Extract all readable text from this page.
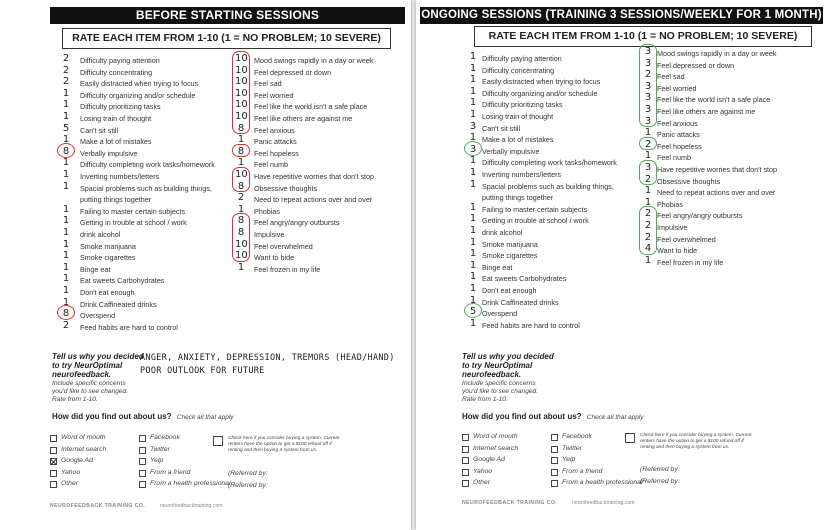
BEFORE STARTING SESSIONS
RATE EACH ITEM FROM 1-10 (1 = NO PROBLEM; 10 SEVERE)
Difficulty paying attention
2
Difficulty concentrating
2
Easily distracted when trying to focus
2
Difficulty organizing and/or schedule
1
Difficulty prioritizing tasks
1
Losing train of thought
1
Can't sit still
5
Make a lot of mistakes
1
Verbally impulsive
8
Difficulty completing work tasks/homework
1
Inverting numbers/letters
1
Spacial problems such as building things,
1
putting things together
Failing to master certain subjects
1
Getting in trouble at school / work
1
drink alcohol
1
Smoke marijuana
1
Smoke cigarettes
1
Binge eat
1
Eat sweets Carbohydrates
1
Don't eat enough
1
Drink Caffineated drinks
1
Overspend
8
Feed habits are hard to control
2
Mood swings rapidly in a day or week
10
Feel depressed or down
10
Feel sad
10
Feel worried
10
Feel like the world isn't a safe place
10
Feel like others are against me
10
Feel anxious
8
Panic attacks
1
Feel hopeless
8
Feel numb
1
Have repetitive worries that don't stop
10
Obsessive thoughts
8
Need to repeat actions over and over
2
Phobias
1
Feel angry/angry outbursts
8
Impulsive
8
Feel overwhelmed
10
Want to hide
10
Feel frozen in my life
1
Tell us why you decided
to try NeurOptimal
neurofeedback.
Include specific concerns
you'd like to see changed.
Rate from 1-10.
ANGER, ANXIETY, DEPRESSION, TREMORS (HEAD/HAND)
POOR OUTLOOK FOR FUTURE
How did you find out about us? Check all that apply
Word of mouth
Internet search
Google Ad
Yahoo
Other
Facebook
Twitter
Yelp
From a friend
From a health professional
Check here if you consider buying a system. Current
renters have the option to get a $100 refund off if
renting and then buying a system from us.
(Referred by:
(Referred by:
NEUROFEEDBACK TRAINING CO.	neurofeedbacktraining.com
ONGOING SESSIONS (TRAINING 3 SESSIONS/WEEKLY FOR 1 MONTH)
RATE EACH ITEM FROM 1-10 (1 = NO PROBLEM; 10 SEVERE)
Difficulty paying attention
1
Difficulty concentrating
1
Easily distracted when trying to focus
1
Difficulty organizing and/or schedule
1
Difficulty prioritizing tasks
1
Losing train of thought
1
Can't sit still
3
Make a lot of mistakes
1
Verbally impulsive
3
Difficulty completing work tasks/homework
1
Inverting numbers/letters
1
Spacial problems such as building things,
1
putting things together
Failing to master certain subjects
1
Getting in trouble at school / work
1
drink alcohol
1
Smoke marijuana
1
Smoke cigarettes
1
Binge eat
1
Eat sweets Carbohydrates
1
Don't eat enough
1
Drink Caffineated drinks
1
Overspend
5
Feed habits are hard to control
1
Mood swings rapidly in a day or week
3
Feel depressed or down
3
Feel sad
2
Feel worried
3
Feel like the world isn't a safe place
3
Feel like others are against me
3
Feel anxious
3
Panic attacks
1
Feel hopeless
2
Feel numb
1
Have repetitive worries that don't stop
3
Obsessive thoughts
2
Need to repeat actions over and over
1
Phobias
1
Feel angry/angry outbursts
2
Impulsive
2
Feel overwhelmed
2
Want to hide
4
Feel frozen in my life
1
Tell us why you decided
to try NeurOptimal
neurofeedback.
Include specific concerns
you'd like to see changed.
Rate from 1-10.
How did you find out about us? Check all that apply
Word of mouth
Internet search
Google Ad
Yahoo
Other
Facebook
Twitter
Yelp
From a friend
From a health professional
Check here if you consider buying a system. Current
renters have the option to get a $100 refund off if
renting and then buying a system from us.
(Referred by:
(Referred by:
NEUROFEEDBACK TRAINING CO.	neurofeedbacktraining.com
